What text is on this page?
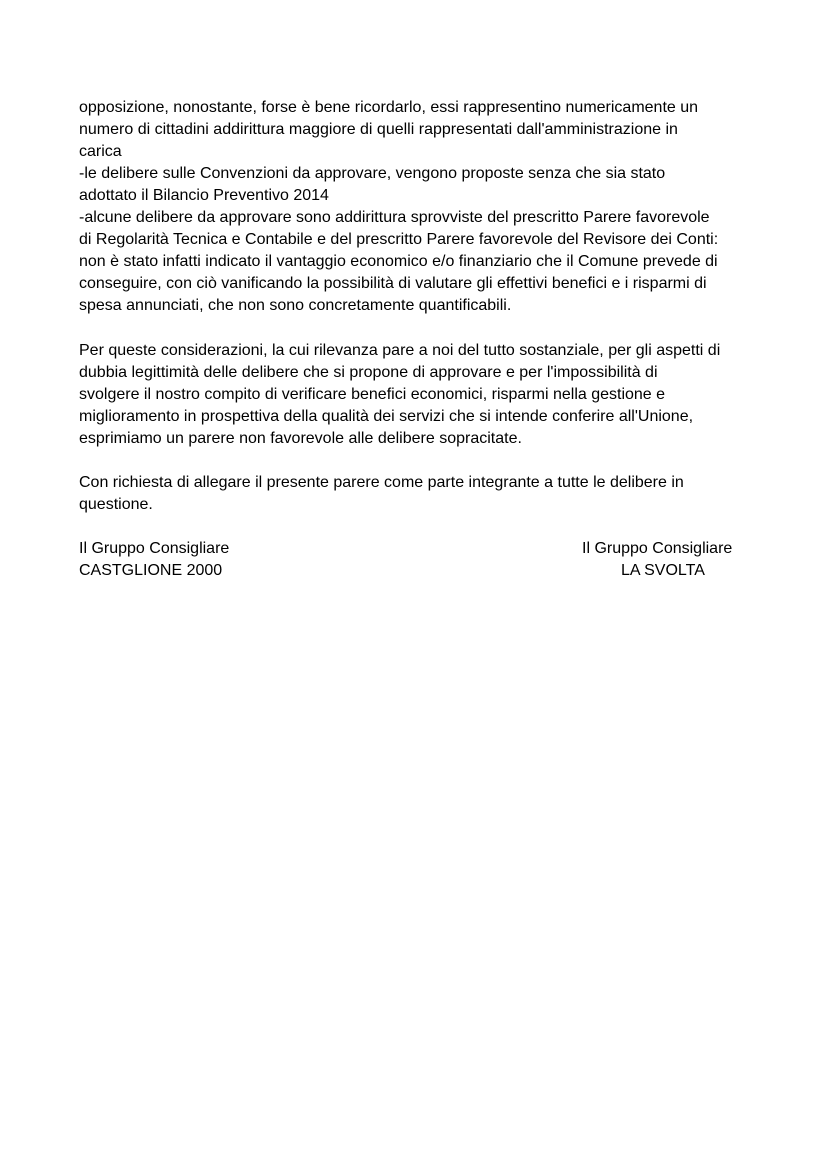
opposizione, nonostante, forse è bene ricordarlo, essi rappresentino numericamente un
numero di cittadini addirittura maggiore di quelli rappresentati dall'amministrazione in
carica
-le delibere sulle Convenzioni da approvare, vengono proposte senza che sia stato
adottato il Bilancio Preventivo 2014
-alcune delibere da approvare sono addirittura sprovviste del prescritto Parere favorevole
di Regolarità Tecnica e Contabile e del prescritto Parere favorevole del Revisore dei Conti:
non è stato infatti indicato il vantaggio economico e/o finanziario che il Comune prevede di
conseguire, con ciò vanificando la possibilità di valutare gli effettivi benefici e i risparmi di
spesa annunciati, che non sono concretamente quantificabili.
Per queste considerazioni, la cui rilevanza pare a noi del tutto sostanziale, per gli aspetti di
dubbia legittimità delle delibere che si propone di approvare e per l'impossibilità di
svolgere il nostro compito di verificare benefici economici, risparmi nella gestione e
miglioramento in prospettiva della qualità dei servizi che si intende conferire all'Unione,
esprimiamo un parere non favorevole alle delibere sopracitate.
Con richiesta di allegare il presente parere come parte integrante a tutte le delibere in
questione.
Il Gruppo Consigliare
CASTGLIONE 2000
Il Gruppo Consigliare
LA SVOLTA
